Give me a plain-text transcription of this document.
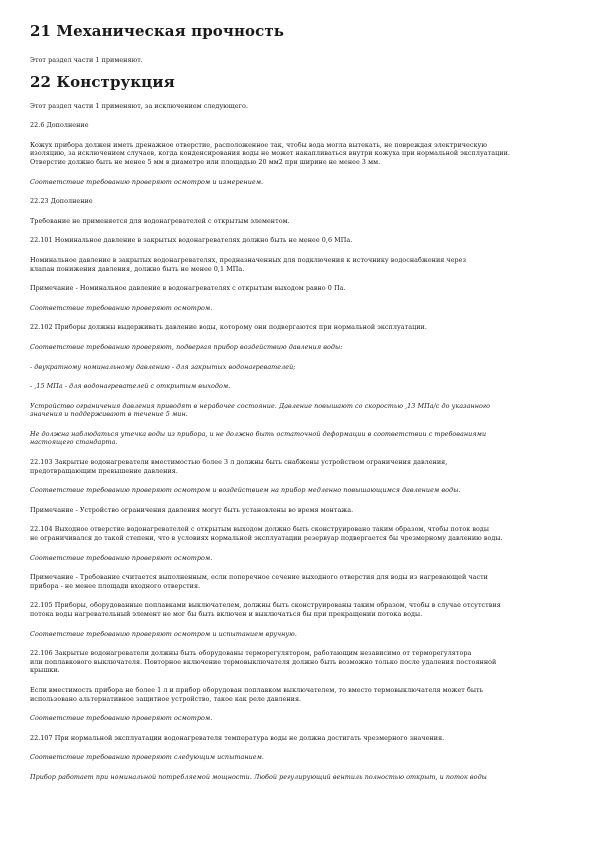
21 Механическая прочность

Этот раздел части 1 применяют.

22 Конструкция

Этот раздел части 1 применяют, за исключением следующего.

22.6 Дополнение

Кожух прибора должен иметь дренажное отверстие, расположенное так, чтобы вода могла вытекать, не повреждая электрическую
изоляцию, за исключением случаев, когда конденсирования воды не может накапливаться внутри кожуха при нормальной эксплуатации.
Отверстие должно быть не менее 5 мм в диаметре или площадью 20 мм2 при ширине не менее 3 мм.

Соответствие требованию проверяют осмотром и измерением.

22.23 Дополнение

Требование не применяется для водонагревателей с открытым элементом.

22.101 Номинальное давление в закрытых водонагревателях должно быть не менее 0,6 МПа.

Номинальное давление в закрытых водонагревателях, предназначенных для подключения к источнику водоснабжения через
клапан понижения давления, должно быть не менее 0,1 МПа.

Примечание - Номинальное давление в водонагревателях с открытым выходом равно 0 Па.

Соответствие требованию проверяют осмотром.

22.102 Приборы должны выдерживать давление воды, которому они подвергаются при нормальной эксплуатации.

Соответствие требованию проверяют, подвергая прибор воздействию давления воды:

- двукратному номинальному давлению - для закрытых водонагревателей;

- ,15 МПа - для водонагревателей с открытым выходом.

Устройство ограничения давления приводят в нерабочее состояние. Давление повышают со скоростью ,13 МПа/с до указанного
значения и поддерживают в течение 5 мин.

Не должна наблюдаться утечка воды из прибора, и не должно быть остаточной деформации в соответствии с требованиями
настоящего стандарта.

22.103 Закрытые водонагреватели вместимостью более 3 л должны быть снабжены устройством ограничения давления,
предотвращающим превышение давления.

Соответствие требованию проверяют осмотром и воздействием на прибор медленно повышающимся давлением воды.

Примечание - Устройство ограничения давления могут быть установлены во время монтажа.

22.104 Выходное отверстие водонагревателей с открытым выходом должно быть сконструировано таким образом, чтобы поток воды
не ограничивался до такой степени, что в условиях нормальной эксплуатации резервуар подвергается бы чрезмерному давлению воды.

Соответствие требованию проверяют осмотром.

Примечание - Требование считается выполненным, если поперечное сечение выходного отверстия для воды из нагревающей части
прибора - не менее площади входного отверстия.

22.105 Приборы, оборудованные поплавками выключателем, должны быть сконструированы таким образом, чтобы в случае отсутствия
потока воды нагревательный элемент не мог бы быть включен и выключаться бы при прекращении потока воды.

Соответствие требованию проверяют осмотром и испытанием вручную.

22.106 Закрытые водонагреватели должны быть оборудованы терморегулятором, работающим независимо от терморегулятора
или поплавкового выключателя. Повторное включение термовыключателя должно быть возможно только после удаления постоянной
крышки.

Если вместимость прибора не более 1 л и прибор оборудован поплавком выключателем, то вместо термовыключателя может быть
использовано альтернативное защитное устройство, такое как реле давления.

Соответствие требованию проверяют осмотром.

22.107 При нормальной эксплуатации водонагревателя температура воды не должна достигать чрезмерного значения.

Соответствие требованию проверяют следующим испытанием.

Прибор работает при номинальной потребляемой мощности. Любой регулирующий вентиль полностью открыт, и поток воды
